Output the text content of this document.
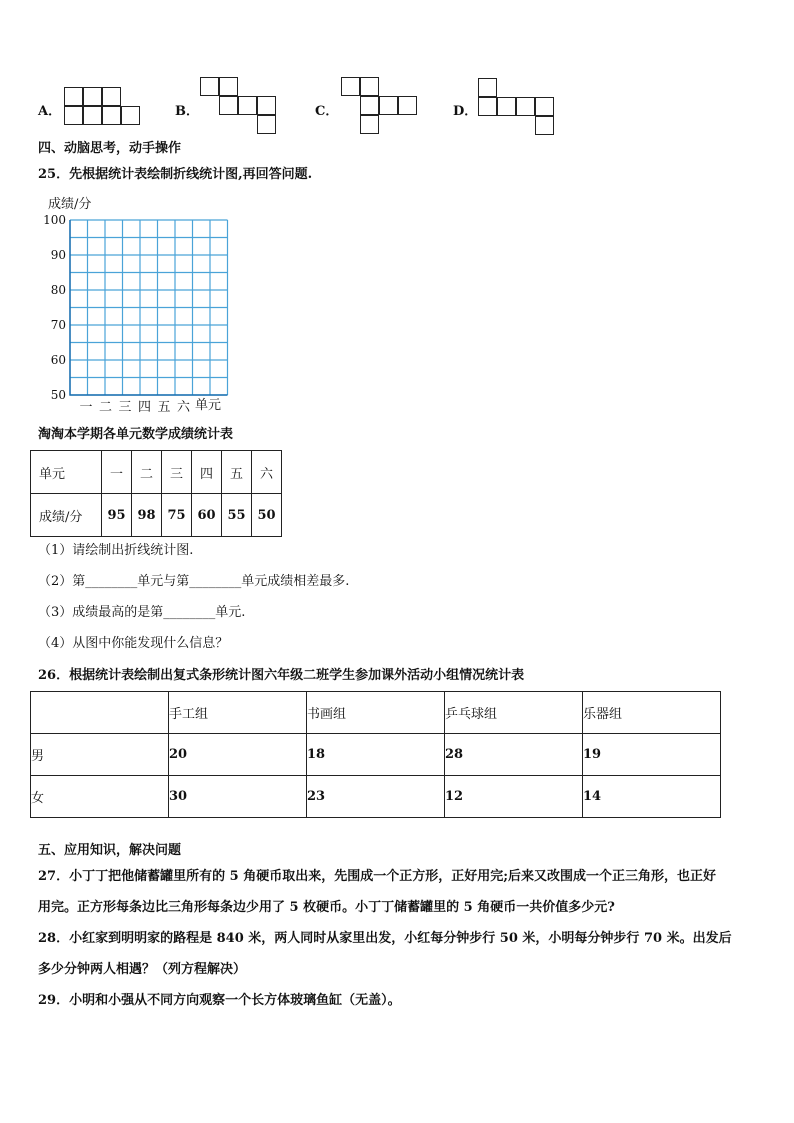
A．	B．	C．	D．
四、动脑思考，动手操作
25．先根据统计表绘制折线统计图,再回答问题.
成绩/分
100
90
80
70
60
50
一 二 三 四 五 六 单元
淘淘本学期各单元数学成绩统计表
单元	一	二	三	四	五	六
成绩/分	95	98	75	60	55	50
（1）请绘制出折线统计图.
（2）第________单元与第________单元成绩相差最多.
（3）成绩最高的是第________单元.
（4）从图中你能发现什么信息？
26．根据统计表绘制出复式条形统计图六年级二班学生参加课外活动小组情况统计表
	手工组	书画组	乒乓球组	乐器组
男	20	18	28	19
女	30	23	12	14
五、应用知识，解决问题
27．小丁丁把他储蓄罐里所有的 5 角硬币取出来，先围成一个正方形，正好用完;后来又改围成一个正三角形，也正好
用完。正方形每条边比三角形每条边少用了 5 枚硬币。小丁丁储蓄罐里的 5 角硬币一共价值多少元?
28．小红家到明明家的路程是 840 米，两人同时从家里出发，小红每分钟步行 50 米，小明每分钟步行 70 米。出发后
多少分钟两人相遇？（列方程解决）
29．小明和小强从不同方向观察一个长方体玻璃鱼缸（无盖）。
